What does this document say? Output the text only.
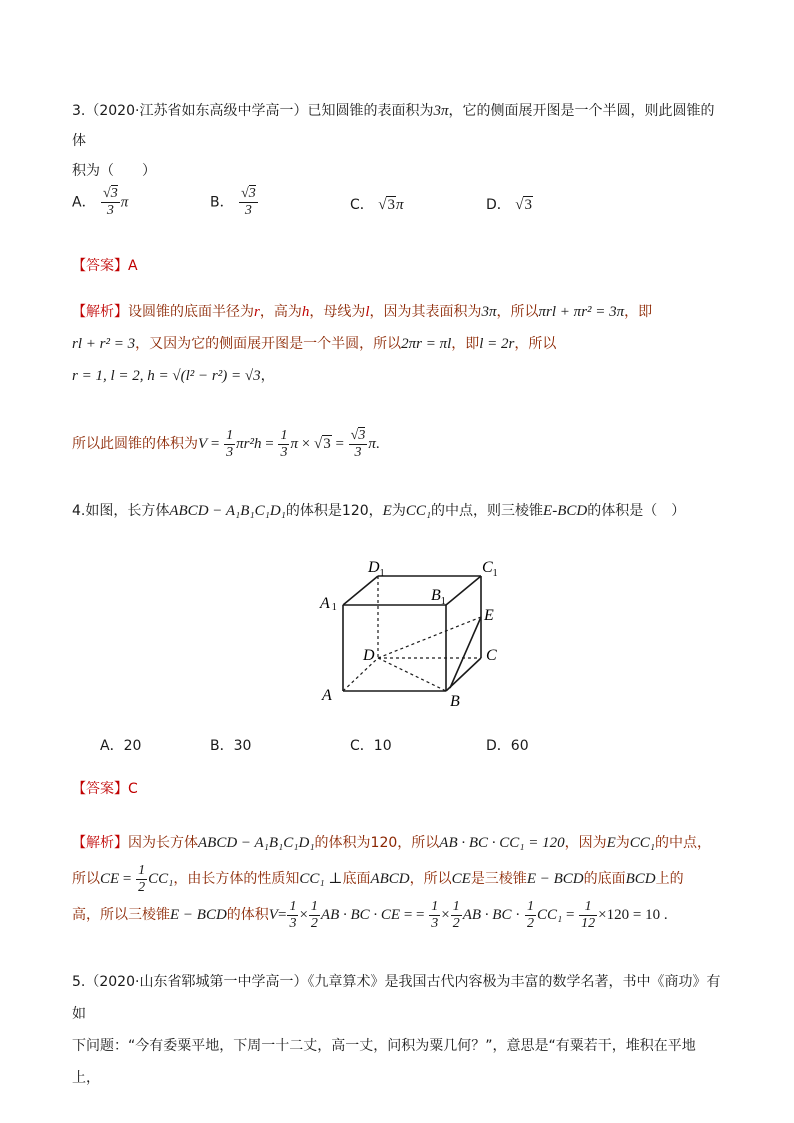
3.（2020·江苏省如东高级中学高一）已知圆锥的表面积为3π，它的侧面展开图是一个半圆，则此圆锥的体
积为（　　）
A． $\frac{√3}{3}$ π	B． $\frac{√3}{3}$	C． √3π	D． √3
【答案】A
【解析】设圆锥的底面半径为r，高为h，母线为l，因为其表面积为3π，所以πrl + πr² = 3π，即
rl + r² = 3，又因为它的侧面展开图是一个半圆，所以2πr = πl，即l = 2r，所以
r = 1, l = 2, h = √(l² − r²) = √3，
所以此圆锥的体积为$V = \frac{1}{3} \pi r^2h = \frac{1}{3}$ $\pi \times √3 = \frac{√3}{3} \pi$.
4.如图，长方体ABCD − A₁B₁C₁D₁的体积是120，E为CC₁的中点，则三棱锥E-BCD的体积是（　）
$D_1$	$C_1$
A 1
$B_1$
E
D	C
A	B
A．20	B．30	C．10	D．60
【答案】C
【解析】因为长方体ABCD − A₁B₁C₁D₁的体积为120，所以AB · BC · CC₁ = 120，因为E为CC₁的中点，
所以CE = $\frac{1}{2} CC_1$，由长方体的性质知CC₁ ⊥底面ABCD，所以CE是三棱锥E − BCD的底面BCD上的
高，所以三棱锥E − BCD的体积$V= \frac{1}{3} \times \frac{1}{2}$ AB · BC · CE = = $\frac{1}{3} \times \frac{1}{2}$ AB · BC · $\frac{1}{2} CC_1 = \frac{1}{12} \times 120 = 10$ .
5.（2020·山东省郓城第一中学高一）《九章算术》是我国古代内容极为丰富的数学名著，书中《商功》有如
下问题：“今有委粟平地，下周一十二丈，高一丈，问积为粟几何？”，意思是“有粟若干，堆积在平地上，
